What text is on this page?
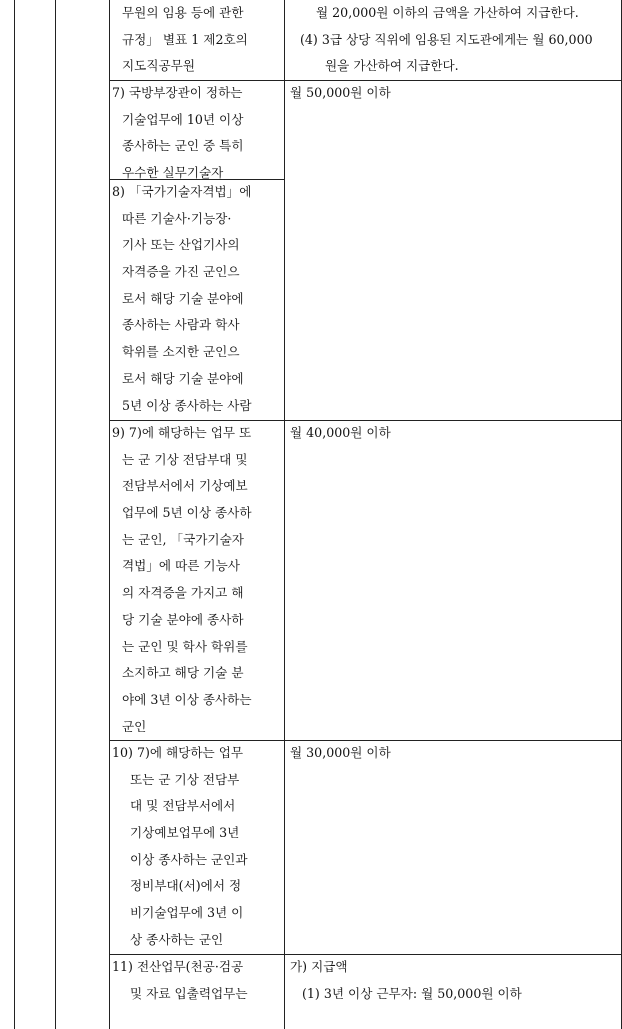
무원의 임용 등에 관한
규정」 별표 1 제2호의
지도직공무원
월 20,000원 이하의 금액을 가산하여 지급한다.
(4) 3급 상당 직위에 임용된 지도관에게는 월 60,000
원을 가산하여 지급한다.
7) 국방부장관이 정하는
기술업무에 10년 이상
종사하는 군인 중 특히
우수한 실무기술자
월 50,000원 이하
8) 「국가기술자격법」에
따른 기술사·기능장·
기사 또는 산업기사의
자격증을 가진 군인으
로서 해당 기술 분야에
종사하는 사람과 학사
학위를 소지한 군인으
로서 해당 기술 분야에
5년 이상 종사하는 사람
9) 7)에 해당하는 업무 또
는 군 기상 전담부대 및
전담부서에서 기상예보
업무에 5년 이상 종사하
는 군인, 「국가기술자
격법」에 따른 기능사
의 자격증을 가지고 해
당 기술 분야에 종사하
는 군인 및 학사 학위를
소지하고 해당 기술 분
야에 3년 이상 종사하는
군인
월 40,000원 이하
10) 7)에 해당하는 업무
또는 군 기상 전담부
대 및 전담부서에서
기상예보업무에 3년
이상 종사하는 군인과
정비부대(서)에서 정
비기술업무에 3년 이
상 종사하는 군인
월 30,000원 이하
11) 전산업무(천공·검공
및 자료 입출력업무는
가) 지급액
(1) 3년 이상 근무자: 월 50,000원 이하
